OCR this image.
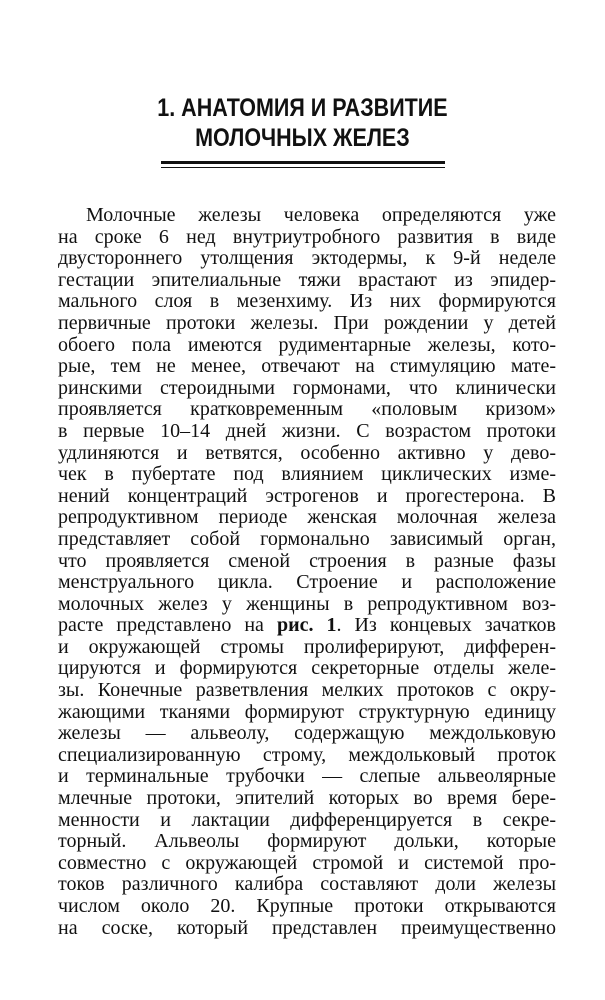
1. АНАТОМИЯ И РАЗВИТИЕ
МОЛОЧНЫХ ЖЕЛЕЗ
Молочные железы человека определяются уже
на сроке 6 нед внутриутробного развития в виде
двустороннего утолщения эктодермы, к 9-й неделе
гестации эпителиальные тяжи врастают из эпидер-
мального слоя в мезенхиму. Из них формируются
первичные протоки железы. При рождении у детей
обоего пола имеются рудиментарные железы, кото-
рые, тем не менее, отвечают на стимуляцию мате-
ринскими стероидными гормонами, что клинически
проявляется кратковременным «половым кризом»
в первые 10–14 дней жизни. С возрастом протоки
удлиняются и ветвятся, особенно активно у дево-
чек в пубертате под влиянием циклических изме-
нений концентраций эстрогенов и прогестерона. В
репродуктивном периоде женская молочная железа
представляет собой гормонально зависимый орган,
что проявляется сменой строения в разные фазы
менструального цикла. Строение и расположение
молочных желез у женщины в репродуктивном воз-
расте представлено на рис. 1. Из концевых зачатков
и окружающей стромы пролиферируют, дифферен-
цируются и формируются секреторные отделы желе-
зы. Конечные разветвления мелких протоков с окру-
жающими тканями формируют структурную единицу
железы — альвеолу, содержащую междольковую
специализированную строму, междольковый проток
и терминальные трубочки — слепые альвеолярные
млечные протоки, эпителий которых во время бере-
менности и лактации дифференцируется в секре-
торный. Альвеолы формируют дольки, которые
совместно с окружающей стромой и системой про-
токов различного калибра составляют доли железы
числом около 20. Крупные протоки открываются
на соске, который представлен преимущественно
